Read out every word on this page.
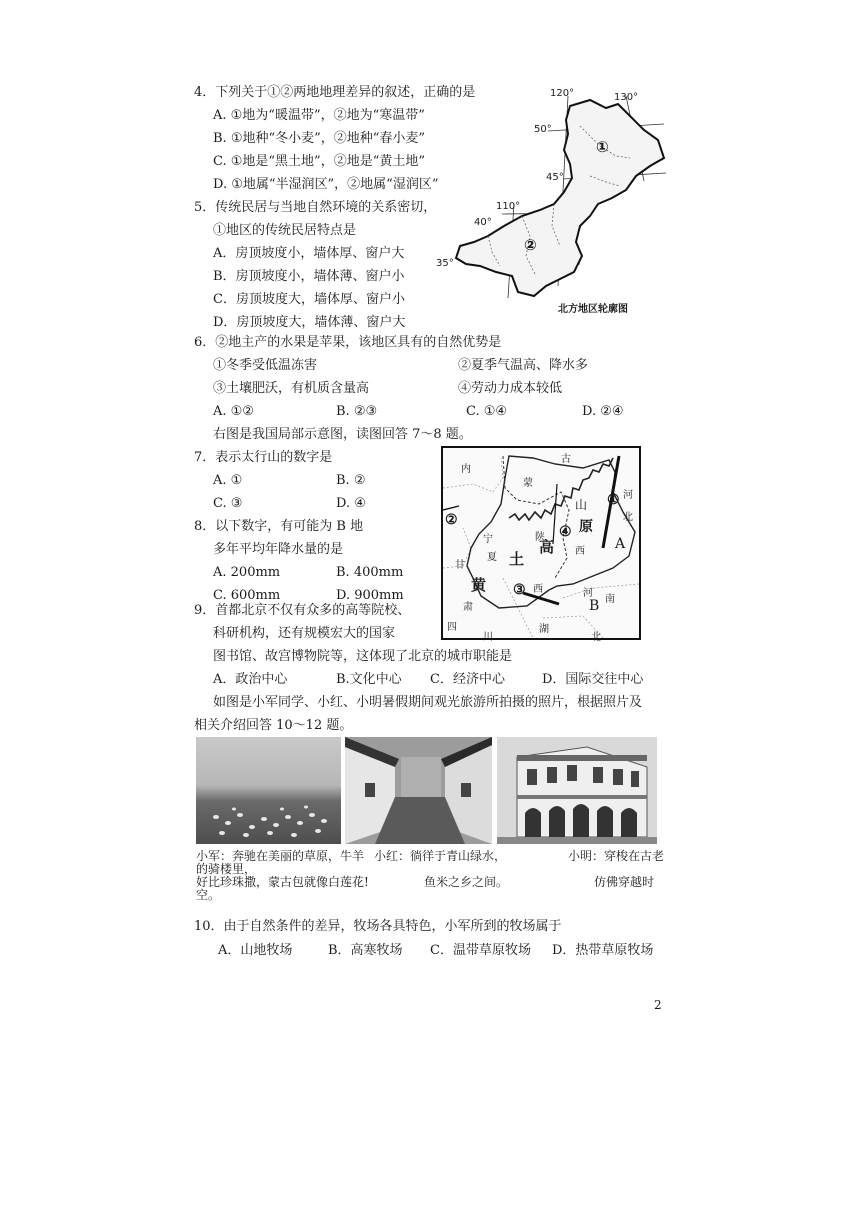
4．下列关于①②两地地理差异的叙述，正确的是
A. ①地为“暖温带”，②地为“寒温带”
B. ①地种“冬小麦”，②地种“春小麦”
C. ①地是“黑土地”，②地是“黄土地”
D. ①地属“半湿润区”，②地属“湿润区”
5．传统民居与当地自然环境的关系密切，
①地区的传统民居特点是
A．房顶坡度小，墙体厚、窗户大
B．房顶坡度小，墙体薄、窗户小
C．房顶坡度大，墙体厚、窗户小
D．房顶坡度大，墙体薄、窗户大
120°	130°
50°
45°
110°
40°
35°
①
②
北方地区轮廓图
6．②地主产的水果是苹果，该地区具有的自然优势是
①冬季受低温冻害	②夏季气温高、降水多
③土壤肥沃，有机质含量高	④劳动力成本较低
A. ①②	B. ②③	C. ①④	D. ②④
右图是我国局部示意图，读图回答 7～8 题。
7．表示太行山的数字是
A. ①	B. ②
C. ③	D. ④
8．以下数字，有可能为 B 地
多年平均年降水量的是
A. 200mm	B. 400mm
C. 600mm	D. 900mm
内
古
蒙
河
北
山
原
西
①
②
③
④
宁	陕
夏
高
土
甘
黄
肃
西	河
南
四
川
湖
北
A
B
9．首都北京不仅有众多的高等院校、
科研机构，还有规模宏大的国家
图书馆、故宫博物院等，这体现了北京的城市职能是
A．政治中心	B.文化中心 C．经济中心	D．国际交往中心
如图是小军同学、小红、小明暑假期间观光旅游所拍摄的照片，根据照片及
相关介绍回答 10～12 题。
小军：奔驰在美丽的草原，牛羊
好比珍珠撒，蒙古包就像白莲花!
小红：徜徉于青山绿水，
鱼米之乡之间。
小明：穿梭在古老
的骑楼里，
仿佛穿越时
空。
10．由于自然条件的差异，牧场各具特色，小军所到的牧场属于
A．山地牧场	B．高寒牧场 C．温带草原牧场 D．热带草原牧场
2
